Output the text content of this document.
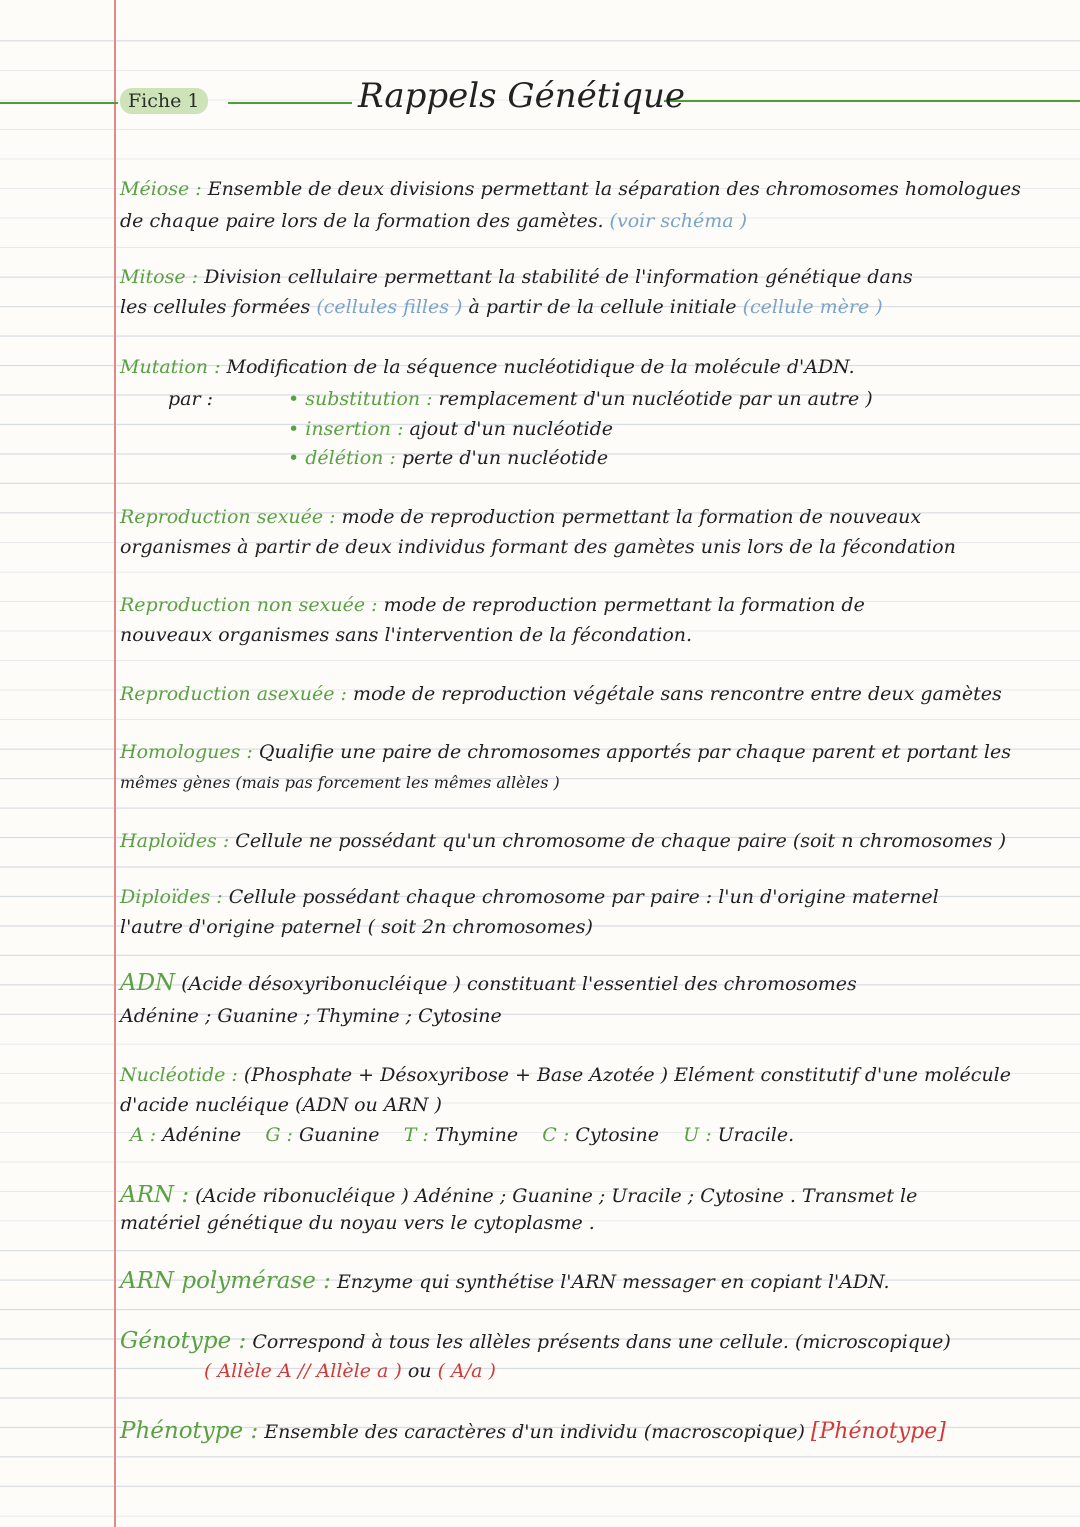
Fiche 1	Rappels Génétique
Méiose : Ensemble de deux divisions permettant la séparation des chromosomes homologues
de chaque paire lors de la formation des gamètes. (voir schéma )
Mitose : Division cellulaire permettant la stabilité de l'information génétique dans
les cellules formées (cellules filles ) à partir de la cellule initiale (cellule mère )
Mutation : Modification de la séquence nucléotidique de la molécule d'ADN.
par :	• substitution : remplacement d'un nucléotide par un autre )
• insertion : ajout d'un nucléotide
• délétion : perte d'un nucléotide
Reproduction sexuée : mode de reproduction permettant la formation de nouveaux
organismes à partir de deux individus formant des gamètes unis lors de la fécondation
Reproduction non sexuée : mode de reproduction permettant la formation de
nouveaux organismes sans l'intervention de la fécondation.
Reproduction asexuée : mode de reproduction végétale sans rencontre entre deux gamètes
Homologues : Qualifie une paire de chromosomes apportés par chaque parent et portant les
mêmes gènes (mais pas forcement les mêmes allèles )
Haploïdes : Cellule ne possédant qu'un chromosome de chaque paire (soit n chromosomes )
Diploïdes : Cellule possédant chaque chromosome par paire : l'un d'origine maternel
l'autre d'origine paternel ( soit 2n chromosomes)
ADN (Acide désoxyribonucléique ) constituant l'essentiel des chromosomes
Adénine ; Guanine ; Thymine ; Cytosine
Nucléotide : (Phosphate + Désoxyribose + Base Azotée ) Elément constitutif d'une molécule
d'acide nucléique (ADN ou ARN )
A : Adénine G : Guanine T : Thymine C : Cytosine U : Uracile.
ARN : (Acide ribonucléique ) Adénine ; Guanine ; Uracile ; Cytosine . Transmet le
matériel génétique du noyau vers le cytoplasme .
ARN polymérase : Enzyme qui synthétise l'ARN messager en copiant l'ADN.
Génotype : Correspond à tous les allèles présents dans une cellule. (microscopique)
( Allèle A // Allèle a ) ou ( A/a )
Phénotype : Ensemble des caractères d'un individu (macroscopique) [Phénotype]
